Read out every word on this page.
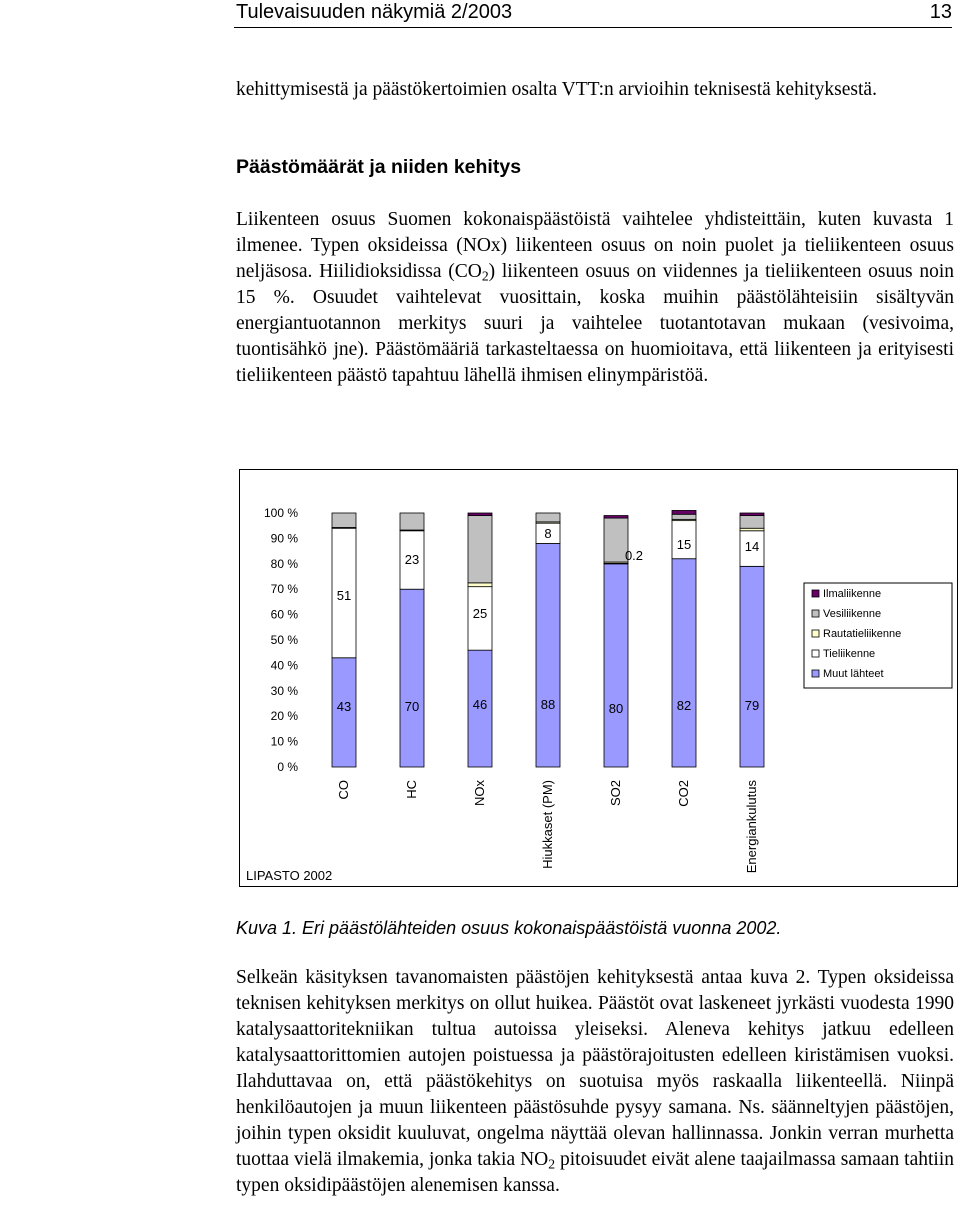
Tulevaisuuden näkymiä 2/2003	13

kehittymisestä ja päästökertoimien osalta VTT:n arvioihin teknisestä kehityksestä.

Päästömäärät ja niiden kehitys

Liikenteen osuus Suomen kokonaispäästöistä vaihtelee yhdisteittäin, kuten kuvasta 1 ilmenee. Typen oksideissa (NOx) liikenteen osuus on noin puolet ja tieliikenteen osuus neljäsosa. Hiilidioksidissa $(CO_2)$ liikenteen osuus on viidennes ja tieliikenteen osuus noin 15 %. Osuudet vaihtelevat vuosittain, koska muihin päästölähteisiin sisältyvän energiantuotannon merkitys suuri ja vaihtelee tuotantotavan mukaan (vesivoima, tuontisähkö jne). Päästömääriä tarkasteltaessa on huomioitava, että liikenteen ja erityisesti tieliikenteen päästö tapahtuu lähellä ihmisen elinympäristöä.

0 %
10 %
20 %
30 %
40 %
50 %
60 %
70 %
80 %
90 %
100 %
CO	HC	NOx	Hiukkaset (PM)	SO2	CO2	Energiankulutus
43
51
70
23
46
25
88
8
80
0.2
82
15
79
14
Ilmaliikenne
Vesiliikenne
Rautatieliikenne
Tieliikenne
Muut lähteet
LIPASTO 2002
Kuva 1. Eri päästölähteiden osuus kokonaispäästöistä vuonna 2002.

Selkeän käsityksen tavanomaisten päästöjen kehityksestä antaa kuva 2. Typen oksideissa teknisen kehityksen merkitys on ollut huikea. Päästöt ovat laskeneet jyrkästi vuodesta 1990 katalysaattoritekniikan tultua autoissa yleiseksi. Aleneva kehitys jatkuu edelleen katalysaattorittomien autojen poistuessa ja päästörajoitusten edelleen kiristämisen vuoksi. Ilahduttavaa on, että päästökehitys on suotuisa myös raskaalla liikenteellä. Niinpä henkilöautojen ja muun liikenteen päästösuhde pysyy samana. Ns. säänneltyjen päästöjen, joihin typen oksidit kuuluvat, ongelma näyttää olevan hallinnassa. Jonkin verran murhetta tuottaa vielä ilmakemia, jonka takia $NO_2$ pitoisuudet eivät alene taajailmassa samaan tahtiin typen oksidipäästöjen alenemisen kanssa.
